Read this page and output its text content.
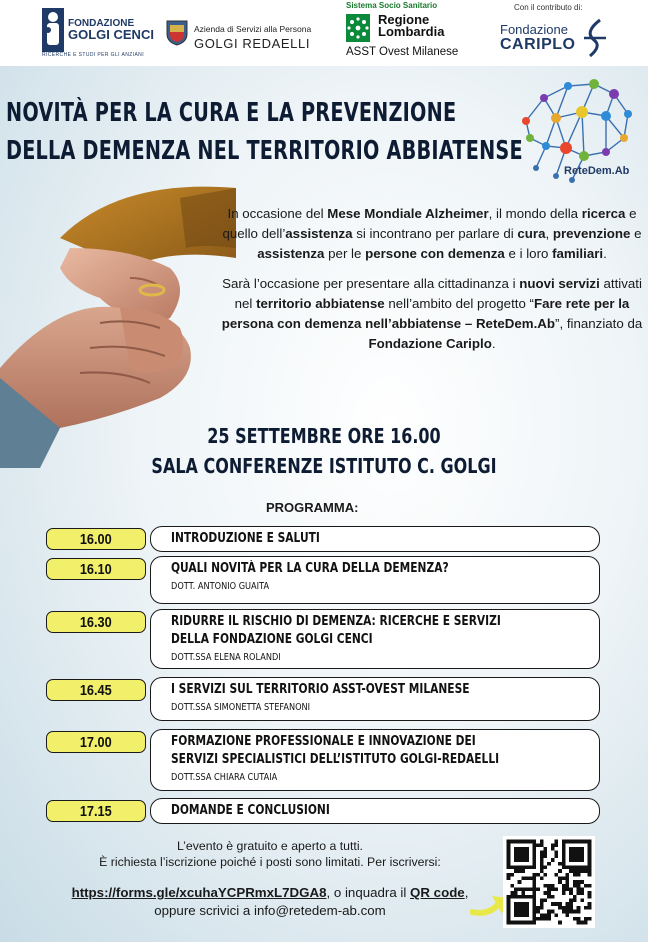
FONDAZIONE
GOLGI CENCI
RICERCHE E STUDI PER GLI ANZIANI
Azienda di Servizi alla Persona
GOLGI REDAELLI
Sistema Socio Sanitario
Regione
Lombardia
ASST Ovest Milanese
Con il contributo di:
Fondazione
CARIPLO
NOVITÀ PER LA CURA E LA PREVENZIONE
DELLA DEMENZA NEL TERRITORIO ABBIATENSE
ReteDem.Ab

In occasione del Mese Mondiale Alzheimer, il mondo della ricerca e quello dell’assistenza si incontrano per parlare di cura, prevenzione e assistenza per le persone con demenza e i loro familiari.

Sarà l’occasione per presentare alla cittadinanza i nuovi servizi attivati nel territorio abbiatense nell’ambito del progetto “Fare rete per la persona con demenza nell’abbiatense – ReteDem.Ab”, finanziato da Fondazione Cariplo.

25 SETTEMBRE ORE 16.00
SALA CONFERENZE ISTITUTO C. GOLGI
PROGRAMMA:
16.00	INTRODUZIONE E SALUTI
16.10	QUALI NOVITÀ PER LA CURA DELLA DEMENZA?
DOTT. ANTONIO GUAITA
16.30	RIDURRE IL RISCHIO DI DEMENZA: RICERCHE E SERVIZI
DELLA FONDAZIONE GOLGI CENCI
DOTT.SSA ELENA ROLANDI
16.45	I SERVIZI SUL TERRITORIO ASST-OVEST MILANESE
DOTT.SSA SIMONETTA STEFANONI
17.00	FORMAZIONE PROFESSIONALE E INNOVAZIONE DEI
SERVIZI SPECIALISTICI DELL’ISTITUTO GOLGI-REDAELLI
DOTT.SSA CHIARA CUTAIA
17.15	DOMANDE E CONCLUSIONI
L’evento è gratuito e aperto a tutti.
È richiesta l’iscrizione poiché i posti sono limitati. Per iscriversi:
https://forms.gle/xcuhaYCPRmxL7DGA8, o inquadra il QR code,
oppure scrivici a info@retedem-ab.com
